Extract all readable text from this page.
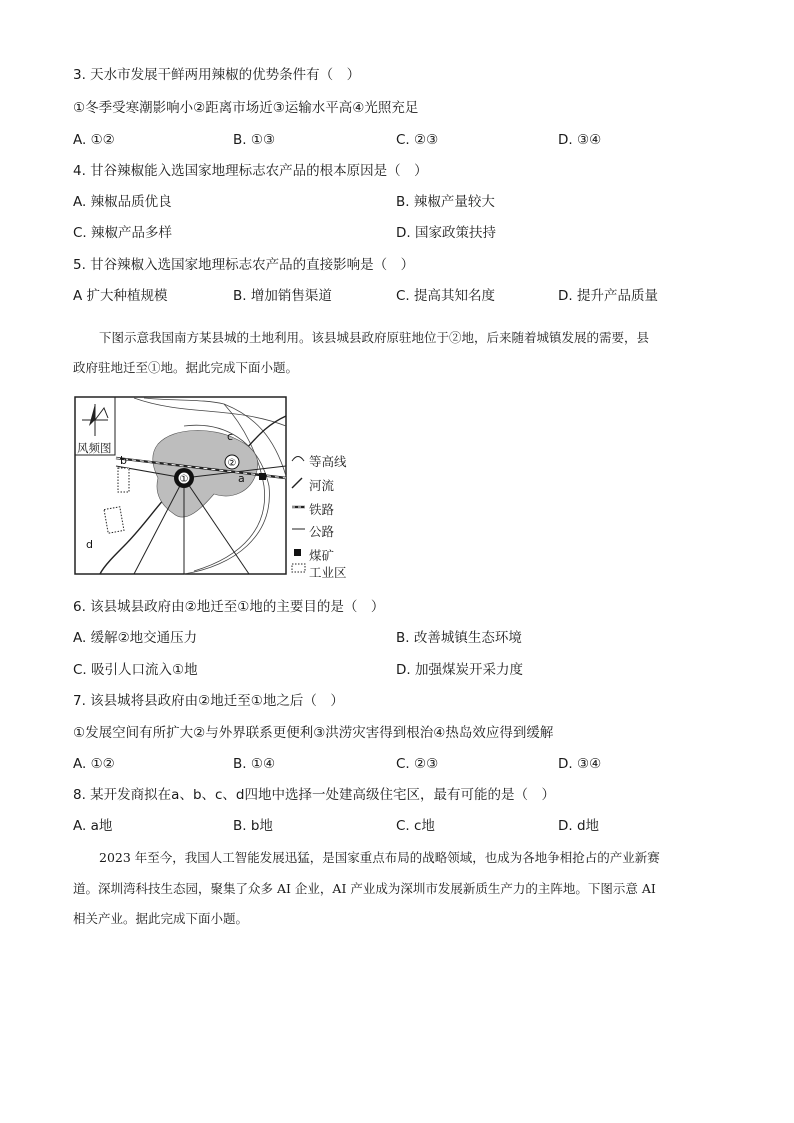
3. 天水市发展干鲜两用辣椒的优势条件有（　）
①冬季受寒潮影响小②距离市场近③运输水平高④光照充足
A. ①②	B. ①③	C. ②③	D. ③④
4. 甘谷辣椒能入选国家地理标志农产品的根本原因是（　）
A. 辣椒品质优良	B. 辣椒产量较大
C. 辣椒产品多样	D. 国家政策扶持
5. 甘谷辣椒入选国家地理标志农产品的直接影响是（　）
A 扩大种植规模	B. 增加销售渠道	C. 提高其知名度	D. 提升产品质量
下图示意我国南方某县城的土地利用。该县城县政府原驻地位于②地，后来随着城镇发展的需要，县
政府驻地迁至①地。据此完成下面小题。
①
②
a
b
c
d
风频图
等高线
河流
铁路
公路
煤矿
工业区
6. 该县城县政府由②地迁至①地的主要目的是（　）
A. 缓解②地交通压力	B. 改善城镇生态环境
C. 吸引人口流入①地	D. 加强煤炭开采力度
7. 该县城将县政府由②地迁至①地之后（　）
①发展空间有所扩大②与外界联系更便利③洪涝灾害得到根治④热岛效应得到缓解
A. ①②	B. ①④	C. ②③	D. ③④
8. 某开发商拟在a、b、c、d四地中选择一处建高级住宅区，最有可能的是（　）
A. a地	B. b地	C. c地	D. d地
2023 年至今，我国人工智能发展迅猛，是国家重点布局的战略领域，也成为各地争相抢占的产业新赛
道。深圳湾科技生态园，聚集了众多 AI 企业，AI 产业成为深圳市发展新质生产力的主阵地。下图示意 AI
相关产业。据此完成下面小题。
